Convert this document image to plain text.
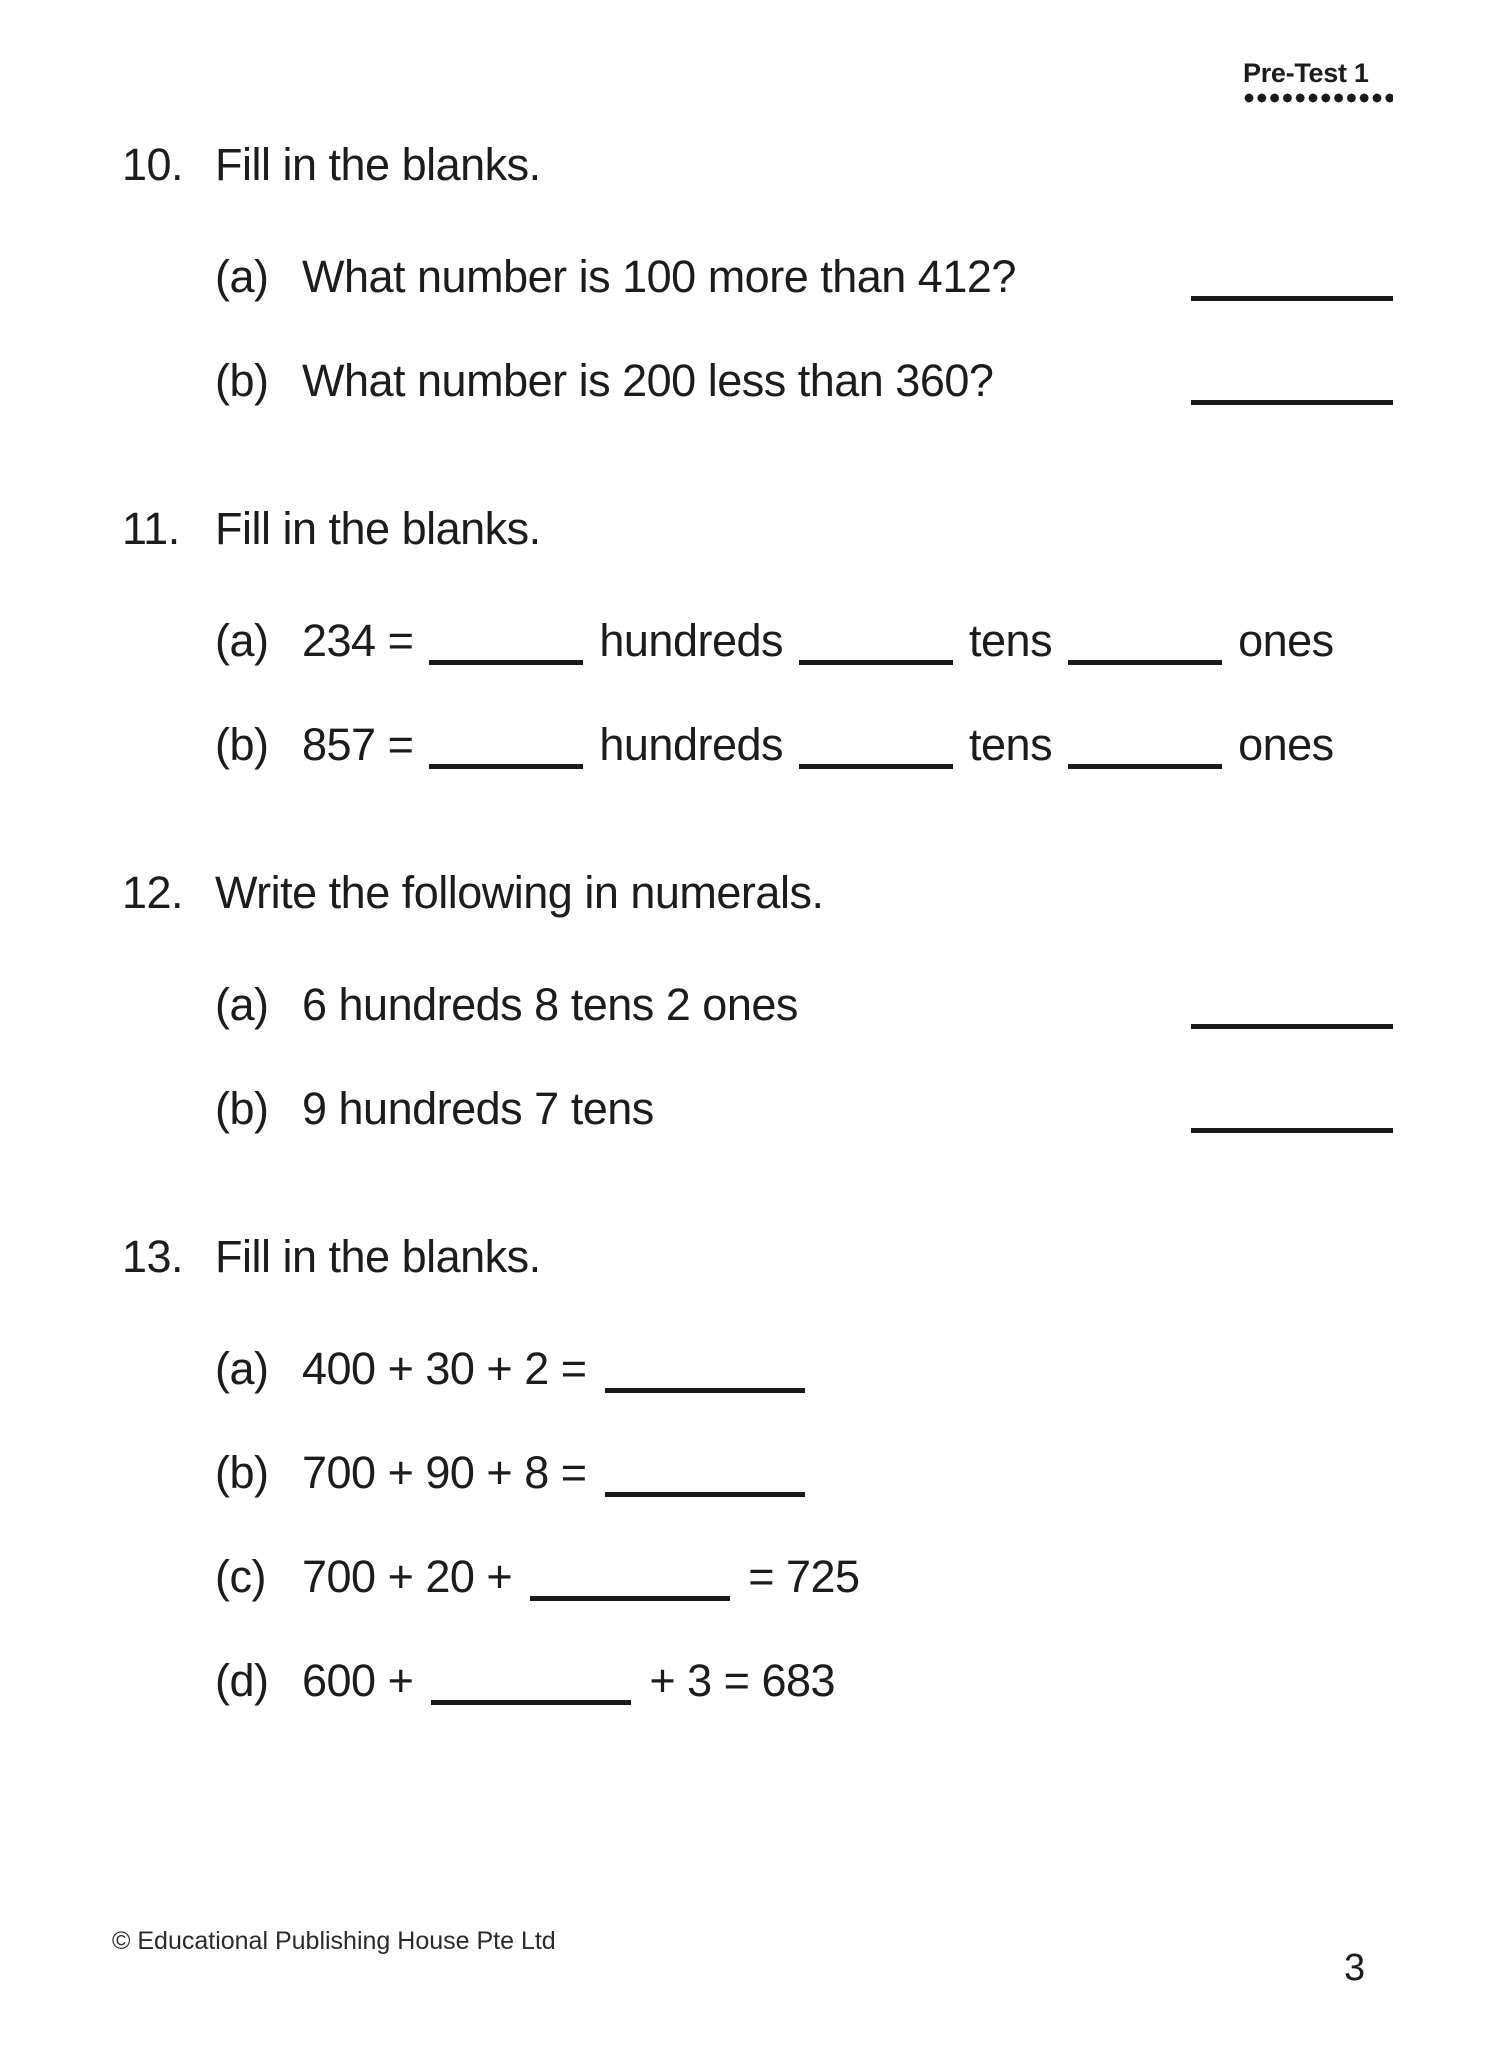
Pre-Test 1
10. Fill in the blanks.
(a) What number is 100 more than 412?
(b) What number is 200 less than 360?
11. Fill in the blanks.
(a) 234 =	hundreds	tens	ones
(b) 857 =	hundreds	tens	ones
12. Write the following in numerals.
(a) 6 hundreds 8 tens 2 ones
(b) 9 hundreds 7 tens
13. Fill in the blanks.
(a) 400 + 30 + 2 =
(b) 700 + 90 + 8 =
(c) 700 + 20 +	= 725
(d) 600 +	+ 3 = 683
© Educational Publishing House Pte Ltd
3
